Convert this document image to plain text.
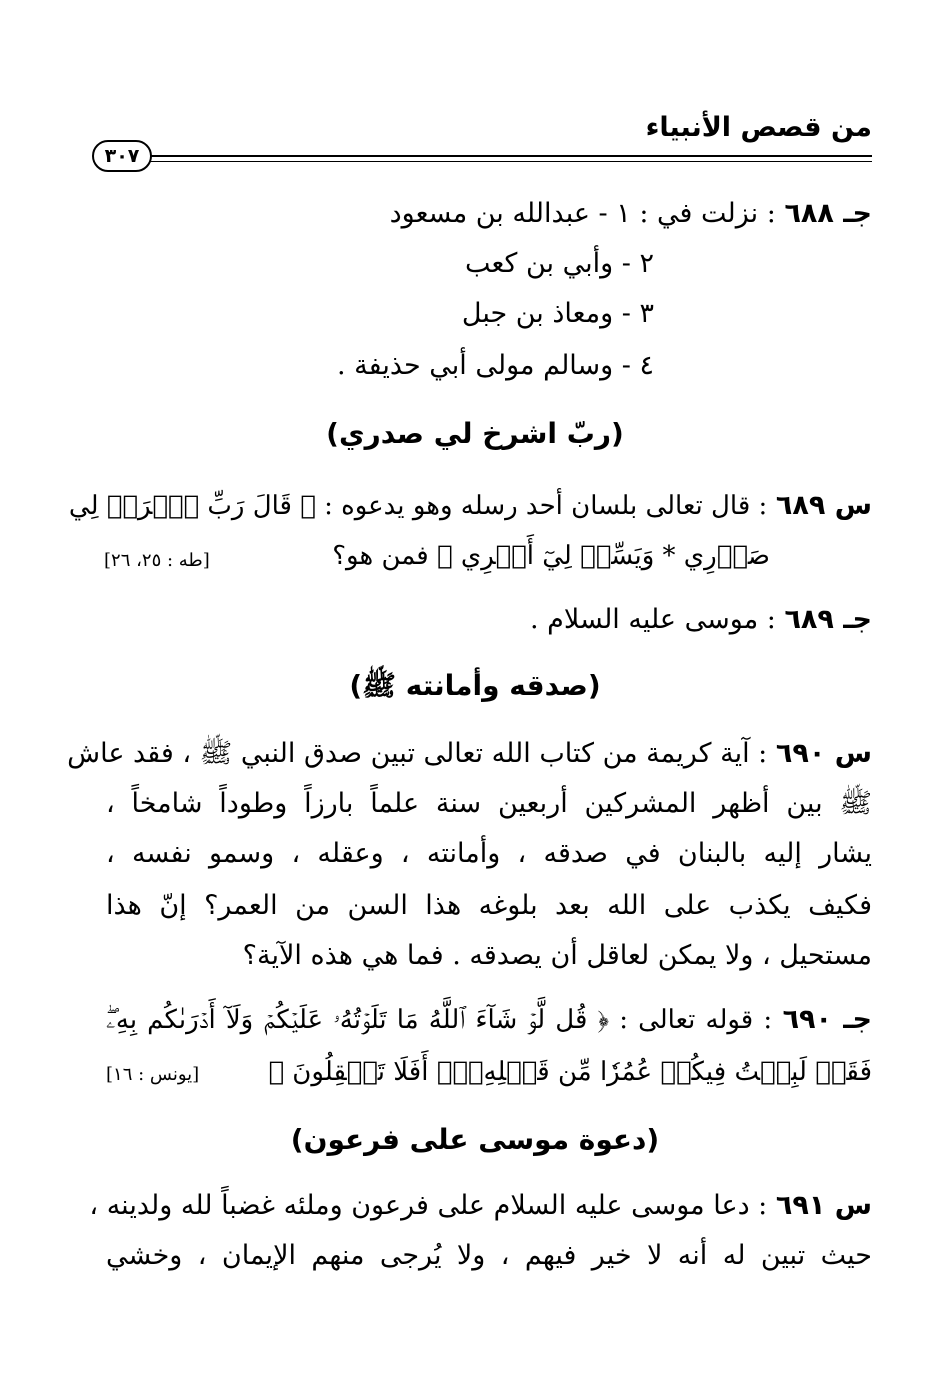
من قصص الأنبياء
٣٠٧
جـ ٦٨٨ : نزلت في : ١ - عبدالله بن مسعود
٢ - وأبي بن كعب
٣ - ومعاذ بن جبل
٤ - وسالم مولى أبي حذيفة .
(ربّ اشرخ لي صدري)
س ٦٨٩ : قال تعالى بلسان أحد رسله وهو يدعوه : ﴿ قَالَ رَبِّ ٱشۡرَحۡ لِي
صَدۡرِي * وَيَسِّرۡ لِيٓ أَمۡرِي ﴾ فمن هو؟
[طه : ٢٥، ٢٦]
جـ ٦٨٩ : موسى عليه السلام .
(صدقه وأمانته ﷺ)
س ٦٩٠ : آية كريمة من كتاب الله تعالى تبين صدق النبي ﷺ ، فقد عاش
ﷺ بين أظهر المشركين أربعين سنة علماً بارزاً وطوداً شامخاً ،
يشار إليه بالبنان في صدقه ، وأمانته ، وعقله ، وسمو نفسه ،
فكيف يكذب على الله بعد بلوغه هذا السن من العمر؟ إنّ هذا
مستحيل ، ولا يمكن لعاقل أن يصدقه . فما هي هذه الآية؟
جـ ٦٩٠ : قوله تعالى : ﴿ قُل لَّوۡ شَآءَ ٱللَّهُ مَا تَلَوۡتُهُۥ عَلَيۡكُمۡ وَلَآ أَدۡرَىٰكُم بِهِۦۖ
فَقَدۡ لَبِثۡتُ فِيكُمۡ عُمُرٗا مِّن قَبۡلِهِۦٓۚ أَفَلَا تَعۡقِلُونَ ﴾
[يونس : ١٦]
(دعوة موسى على فرعون)
س ٦٩١ : دعا موسى عليه السلام على فرعون وملئه غضباً لله ولدينه ،
حيث تبين له أنه لا خير فيهم ، ولا يُرجى منهم الإيمان ، وخشي
